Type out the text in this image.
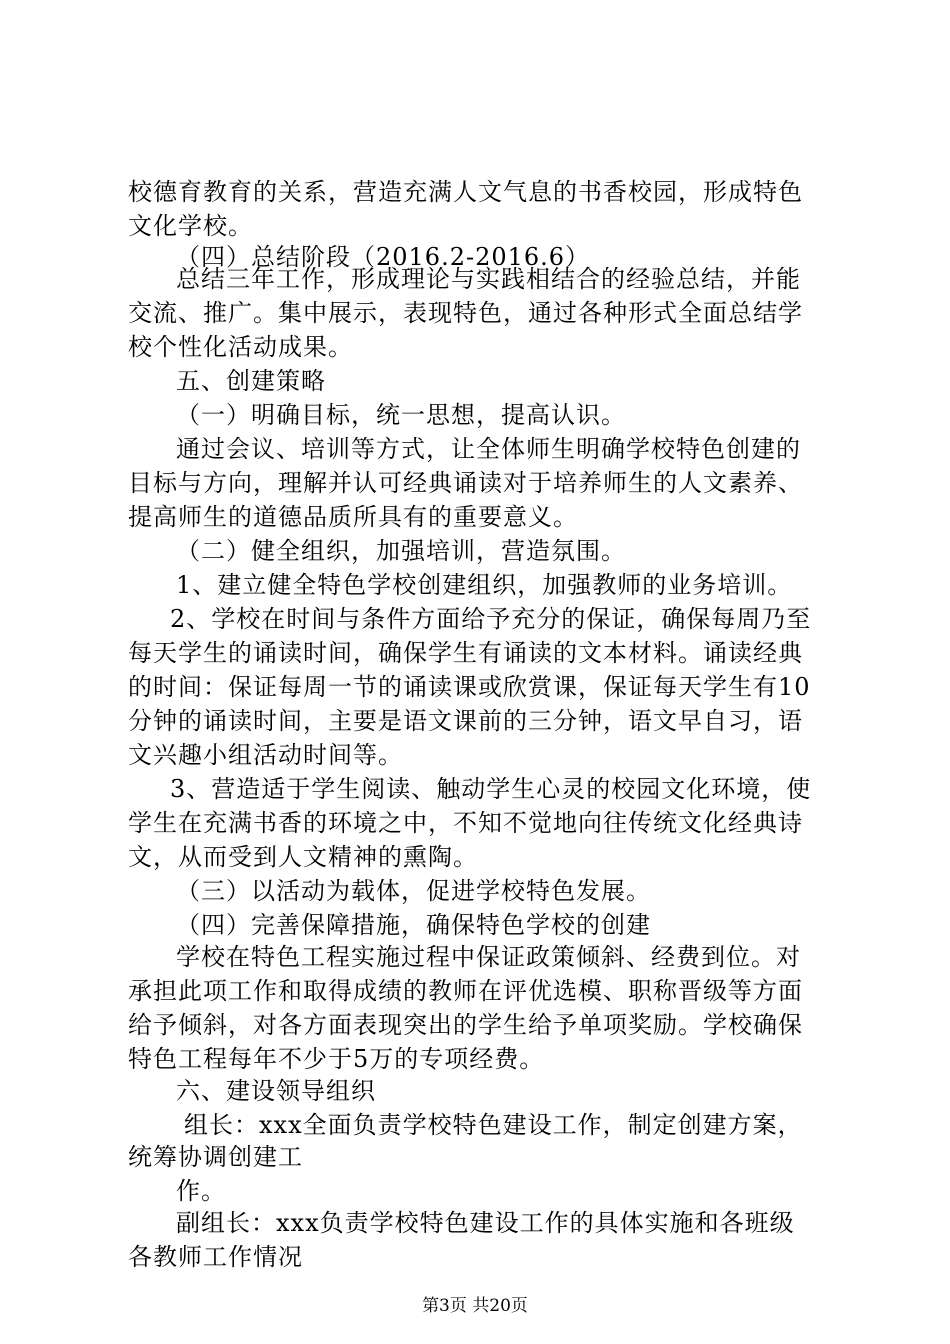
校德育教育的关系，营造充满人文气息的书香校园，形成特色
文化学校。
（四）总结阶段（2016.2-2016.6）
总结三年工作，形成理论与实践相结合的经验总结，并能
交流、推广。集中展示，表现特色，通过各种形式全面总结学
校个性化活动成果。
五、创建策略
（一）明确目标，统一思想，提高认识。
通过会议、培训等方式，让全体师生明确学校特色创建的
目标与方向，理解并认可经典诵读对于培养师生的人文素养、
提高师生的道德品质所具有的重要意义。
（二）健全组织，加强培训，营造氛围。
1、建立健全特色学校创建组织，加强教师的业务培训。
2、学校在时间与条件方面给予充分的保证，确保每周乃至
每天学生的诵读时间，确保学生有诵读的文本材料。诵读经典
的时间：保证每周一节的诵读课或欣赏课，保证每天学生有10
分钟的诵读时间，主要是语文课前的三分钟，语文早自习，语
文兴趣小组活动时间等。
3、营造适于学生阅读、触动学生心灵的校园文化环境，使
学生在充满书香的环境之中，不知不觉地向往传统文化经典诗
文，从而受到人文精神的熏陶。
（三）以活动为载体，促进学校特色发展。
（四）完善保障措施，确保特色学校的创建
学校在特色工程实施过程中保证政策倾斜、经费到位。对
承担此项工作和取得成绩的教师在评优选模、职称晋级等方面
给予倾斜，对各方面表现突出的学生给予单项奖励。学校确保
特色工程每年不少于5万的专项经费。
六、建设领导组织
组长：xxx全面负责学校特色建设工作，制定创建方案，
统筹协调创建工
作。
副组长：xxx负责学校特色建设工作的具体实施和各班级
各教师工作情况
第3页 共20页
